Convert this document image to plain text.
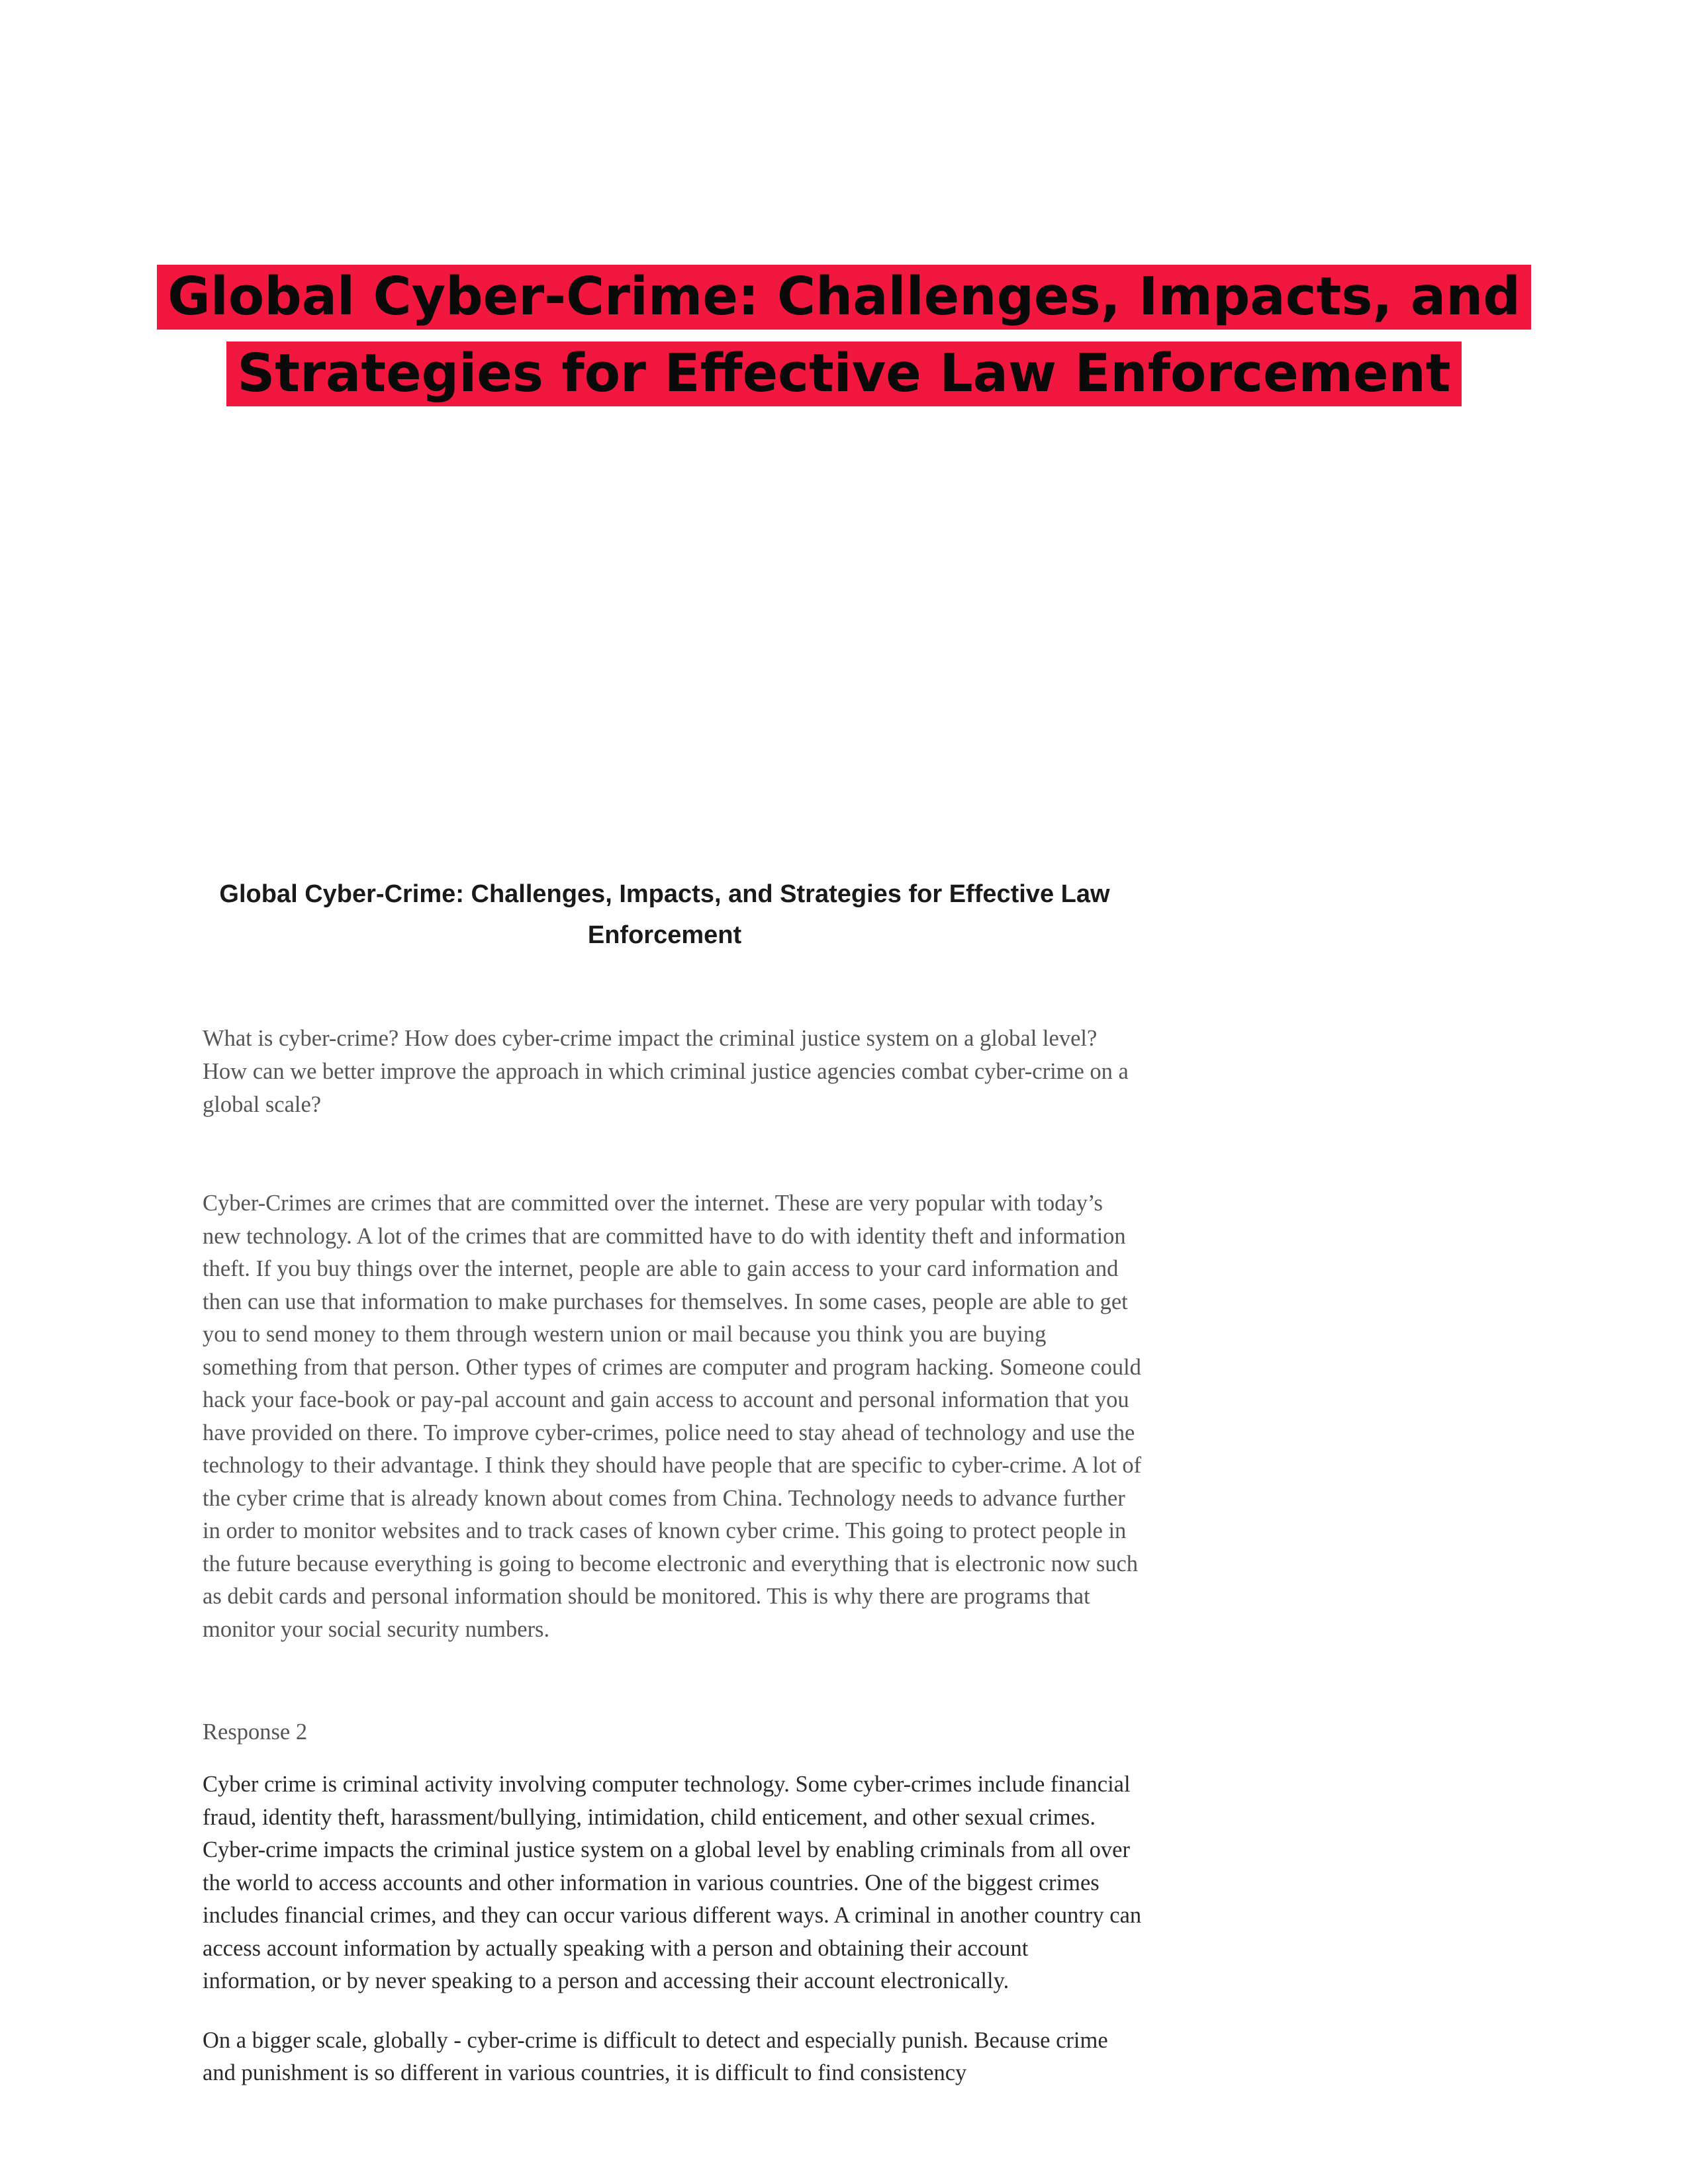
Global Cyber-Crime: Challenges, Impacts, and
Strategies for Effective Law Enforcement
Global Cyber-Crime: Challenges, Impacts, and Strategies for Effective Law Enforcement
What is cyber-crime? How does cyber-crime impact the criminal justice system on a global level? How can we better improve the approach in which criminal justice agencies combat cyber-crime on a global scale?
Cyber-Crimes are crimes that are committed over the internet. These are very popular with today’s new technology. A lot of the crimes that are committed have to do with identity theft and information theft. If you buy things over the internet, people are able to gain access to your card information and then can use that information to make purchases for themselves. In some cases, people are able to get you to send money to them through western union or mail because you think you are buying something from that person. Other types of crimes are computer and program hacking. Someone could hack your face-book or pay-pal account and gain access to account and personal information that you have provided on there. To improve cyber-crimes, police need to stay ahead of technology and use the technology to their advantage. I think they should have people that are specific to cyber-crime. A lot of the cyber crime that is already known about comes from China. Technology needs to advance further in order to monitor websites and to track cases of known cyber crime. This going to protect people in the future because everything is going to become electronic and everything that is electronic now such as debit cards and personal information should be monitored. This is why there are programs that monitor your social security numbers.
Response 2
Cyber crime is criminal activity involving computer technology. Some cyber-crimes include financial fraud, identity theft, harassment/bullying, intimidation, child enticement, and other sexual crimes. Cyber-crime impacts the criminal justice system on a global level by enabling criminals from all over the world to access accounts and other information in various countries. One of the biggest crimes includes financial crimes, and they can occur various different ways. A criminal in another country can access account information by actually speaking with a person and obtaining their account information, or by never speaking to a person and accessing their account electronically.
On a bigger scale, globally - cyber-crime is difficult to detect and especially punish. Because crime and punishment is so different in various countries, it is difficult to find consistency
